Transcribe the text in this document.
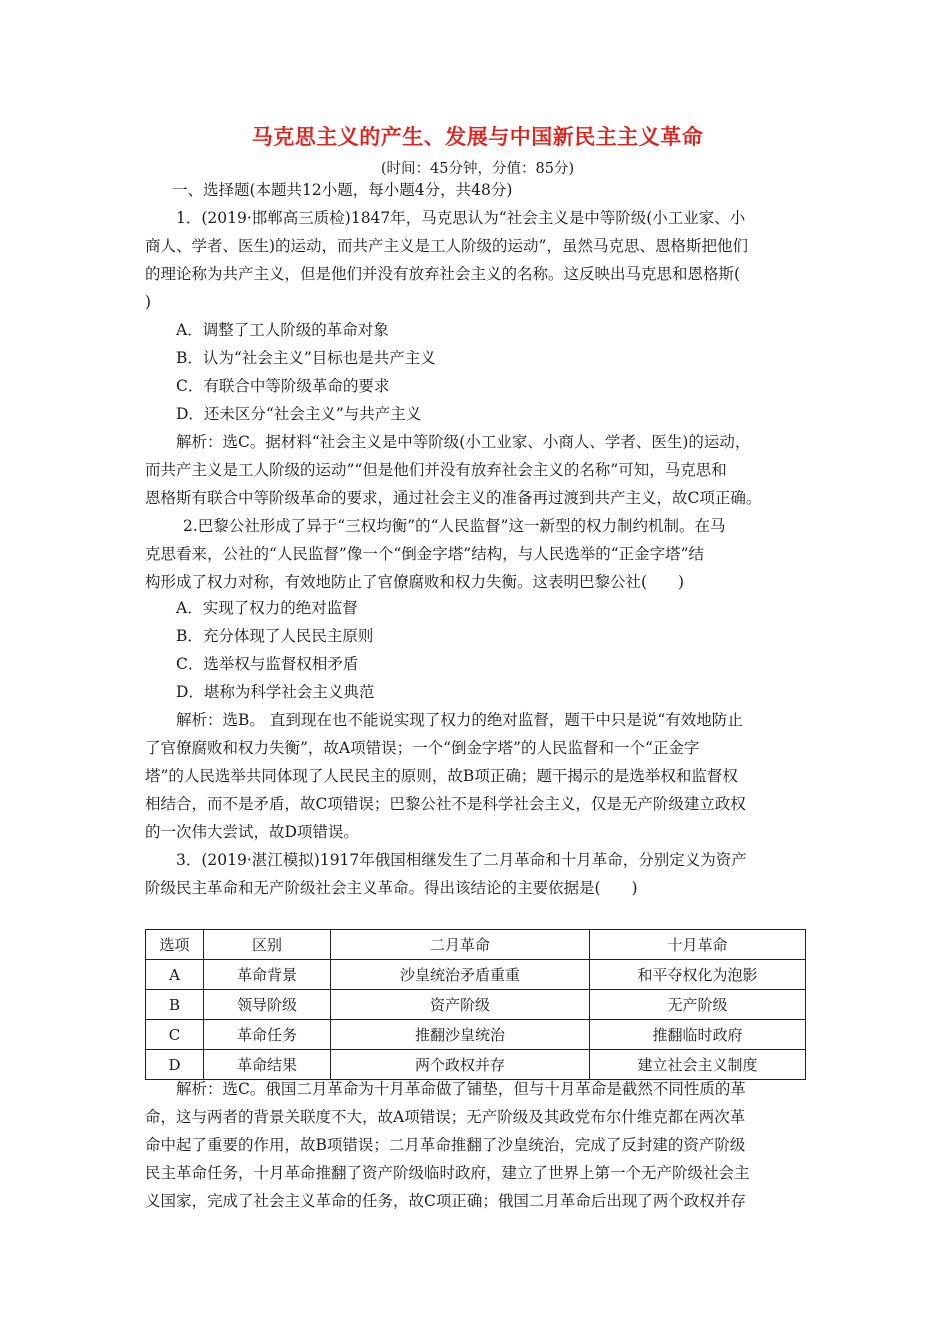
马克思主义的产生、发展与中国新民主主义革命
(时间：45分钟，分值：85分)
一、选择题(本题共12小题，每小题4分，共48分)
1．(2019·邯郸高三质检)1847年，马克思认为“社会主义是中等阶级(小工业家、小
商人、学者、医生)的运动，而共产主义是工人阶级的运动”，虽然马克思、恩格斯把他们
的理论称为共产主义，但是他们并没有放弃社会主义的名称。这反映出马克思和恩格斯(
)
A．调整了工人阶级的革命对象
B．认为“社会主义”目标也是共产主义
C．有联合中等阶级革命的要求
D．还未区分“社会主义”与共产主义
解析：选C。据材料“社会主义是中等阶级(小工业家、小商人、学者、医生)的运动，
而共产主义是工人阶级的运动”“但是他们并没有放弃社会主义的名称”可知，马克思和
恩格斯有联合中等阶级革命的要求，通过社会主义的准备再过渡到共产主义，故C项正确。
2.巴黎公社形成了异于“三权均衡”的“人民监督”这一新型的权力制约机制。在马
克思看来，公社的“人民监督”像一个“倒金字塔”结构，与人民选举的“正金字塔”结
构形成了权力对称，有效地防止了官僚腐败和权力失衡。这表明巴黎公社(　　)
A．实现了权力的绝对监督
B．充分体现了人民民主原则
C．选举权与监督权相矛盾
D．堪称为科学社会主义典范
解析：选B。 直到现在也不能说实现了权力的绝对监督，题干中只是说“有效地防止
了官僚腐败和权力失衡”，故A项错误；一个“倒金字塔”的人民监督和一个“正金字
塔”的人民选举共同体现了人民民主的原则，故B项正确；题干揭示的是选举权和监督权
相结合，而不是矛盾，故C项错误；巴黎公社不是科学社会主义，仅是无产阶级建立政权
的一次伟大尝试，故D项错误。
3．(2019·湛江模拟)1917年俄国相继发生了二月革命和十月革命，分别定义为资产
阶级民主革命和无产阶级社会主义革命。得出该结论的主要依据是(　　)
选项	区别	二月革命	十月革命
A	革命背景	沙皇统治矛盾重重	和平夺权化为泡影
B	领导阶级	资产阶级	无产阶级
C	革命任务	推翻沙皇统治	推翻临时政府
D	革命结果	两个政权并存	建立社会主义制度
解析：选C。俄国二月革命为十月革命做了铺垫，但与十月革命是截然不同性质的革
命，这与两者的背景关联度不大，故A项错误；无产阶级及其政党布尔什维克都在两次革
命中起了重要的作用，故B项错误；二月革命推翻了沙皇统治，完成了反封建的资产阶级
民主革命任务，十月革命推翻了资产阶级临时政府，建立了世界上第一个无产阶级社会主
义国家，完成了社会主义革命的任务，故C项正确；俄国二月革命后出现了两个政权并存
